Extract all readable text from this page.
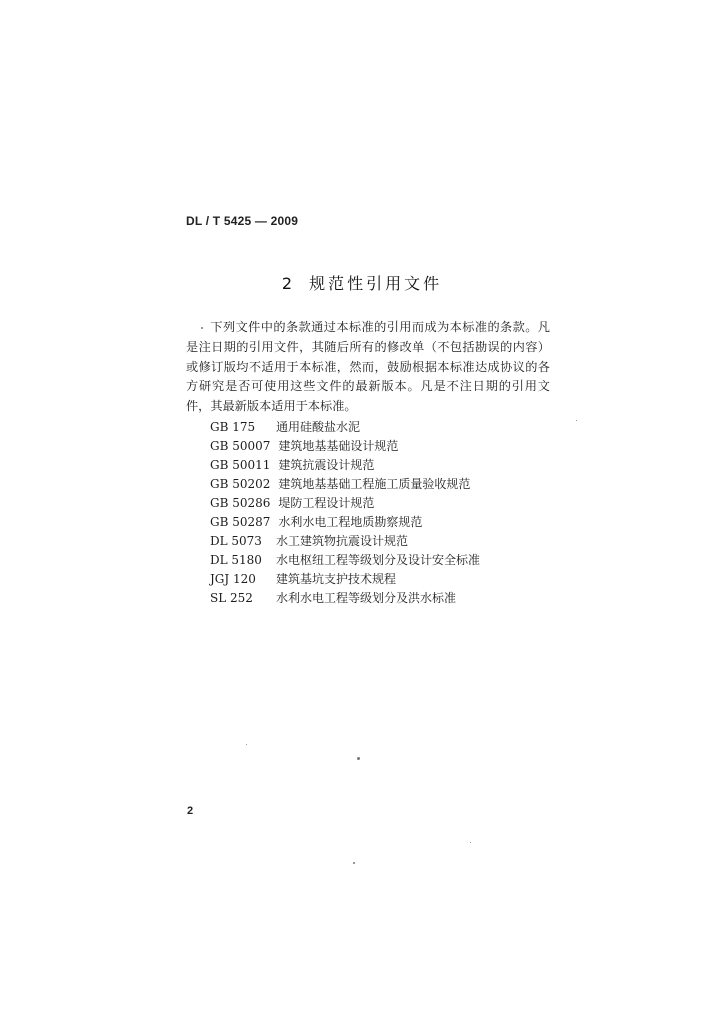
DL / T 5425 — 2009
2 规范性引用文件
下列文件中的条款通过本标准的引用而成为本标准的条款。凡是注日期的引用文件，其随后所有的修改单（不包括勘误的内容）或修订版均不适用于本标准，然而，鼓励根据本标准达成协议的各方研究是否可使用这些文件的最新版本。凡是不注日期的引用文件，其最新版本适用于本标准。
GB 175 通用硅酸盐水泥
GB 50007 建筑地基基础设计规范
GB 50011 建筑抗震设计规范
GB 50202 建筑地基基础工程施工质量验收规范
GB 50286 堤防工程设计规范
GB 50287 水利水电工程地质勘察规范
DL 5073 水工建筑物抗震设计规范
DL 5180 水电枢纽工程等级划分及设计安全标准
JGJ 120 建筑基坑支护技术规程
SL 252 水利水电工程等级划分及洪水标准
2
